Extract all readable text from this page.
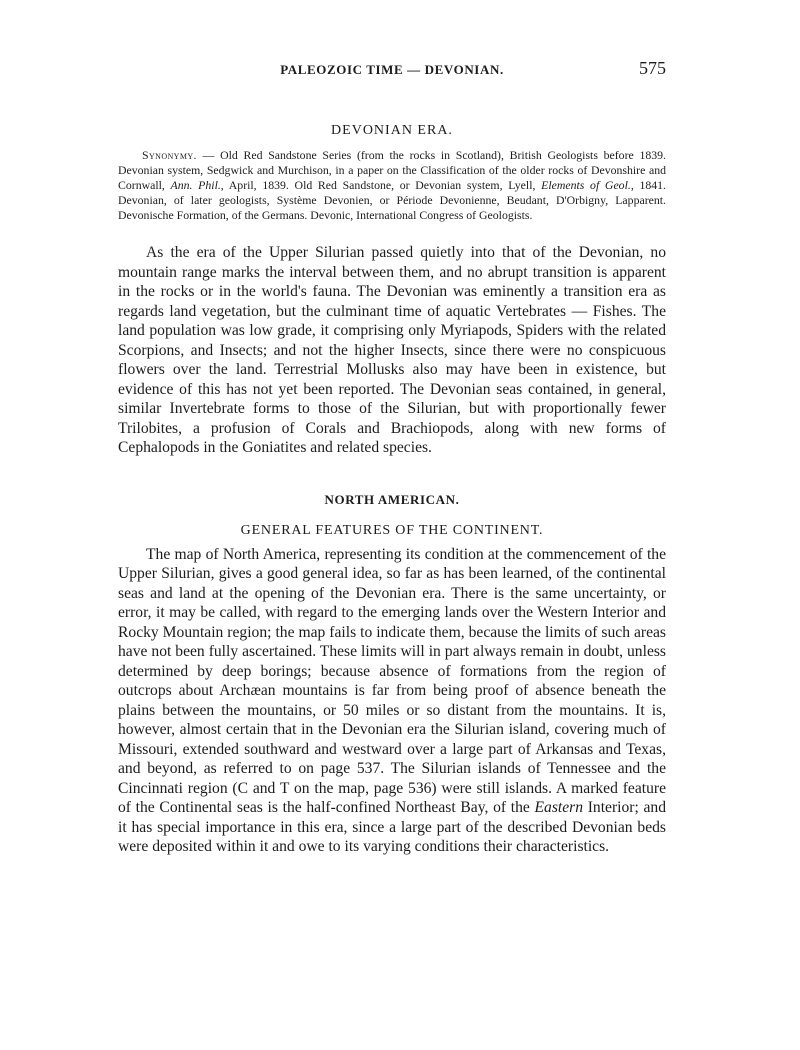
PALEOZOIC TIME — DEVONIAN.	575
DEVONIAN ERA.

Synonymy. — Old Red Sandstone Series (from the rocks in Scotland), British Geologists before 1839. Devonian system, Sedgwick and Murchison, in a paper on the Classification of the older rocks of Devonshire and Cornwall, Ann. Phil., April, 1839. Old Red Sandstone, or Devonian system, Lyell, Elements of Geol., 1841. Devonian, of later geologists, Système Devonien, or Période Devonienne, Beudant, D'Orbigny, Lapparent. Devonische Formation, of the Germans. Devonic, International Congress of Geologists.

As the era of the Upper Silurian passed quietly into that of the Devonian, no mountain range marks the interval between them, and no abrupt transition is apparent in the rocks or in the world's fauna. The Devonian was eminently a transition era as regards land vegetation, but the culminant time of aquatic Vertebrates — Fishes. The land population was low grade, it comprising only Myriapods, Spiders with the related Scorpions, and Insects; and not the higher Insects, since there were no conspicuous flowers over the land. Terrestrial Mollusks also may have been in existence, but evidence of this has not yet been reported. The Devonian seas contained, in general, similar Invertebrate forms to those of the Silurian, but with proportionally fewer Trilobites, a profusion of Corals and Brachiopods, along with new forms of Cephalopods in the Goniatites and related species.

NORTH AMERICAN.
GENERAL FEATURES OF THE CONTINENT.

The map of North America, representing its condition at the commencement of the Upper Silurian, gives a good general idea, so far as has been learned, of the continental seas and land at the opening of the Devonian era. There is the same uncertainty, or error, it may be called, with regard to the emerging lands over the Western Interior and Rocky Mountain region; the map fails to indicate them, because the limits of such areas have not been fully ascertained. These limits will in part always remain in doubt, unless determined by deep borings; because absence of formations from the region of outcrops about Archæan mountains is far from being proof of absence beneath the plains between the mountains, or 50 miles or so distant from the mountains. It is, however, almost certain that in the Devonian era the Silurian island, covering much of Missouri, extended southward and westward over a large part of Arkansas and Texas, and beyond, as referred to on page 537. The Silurian islands of Tennessee and the Cincinnati region (C and T on the map, page 536) were still islands. A marked feature of the Continental seas is the half-confined Northeast Bay, of the Eastern Interior; and it has special importance in this era, since a large part of the described Devonian beds were deposited within it and owe to its varying conditions their characteristics.
